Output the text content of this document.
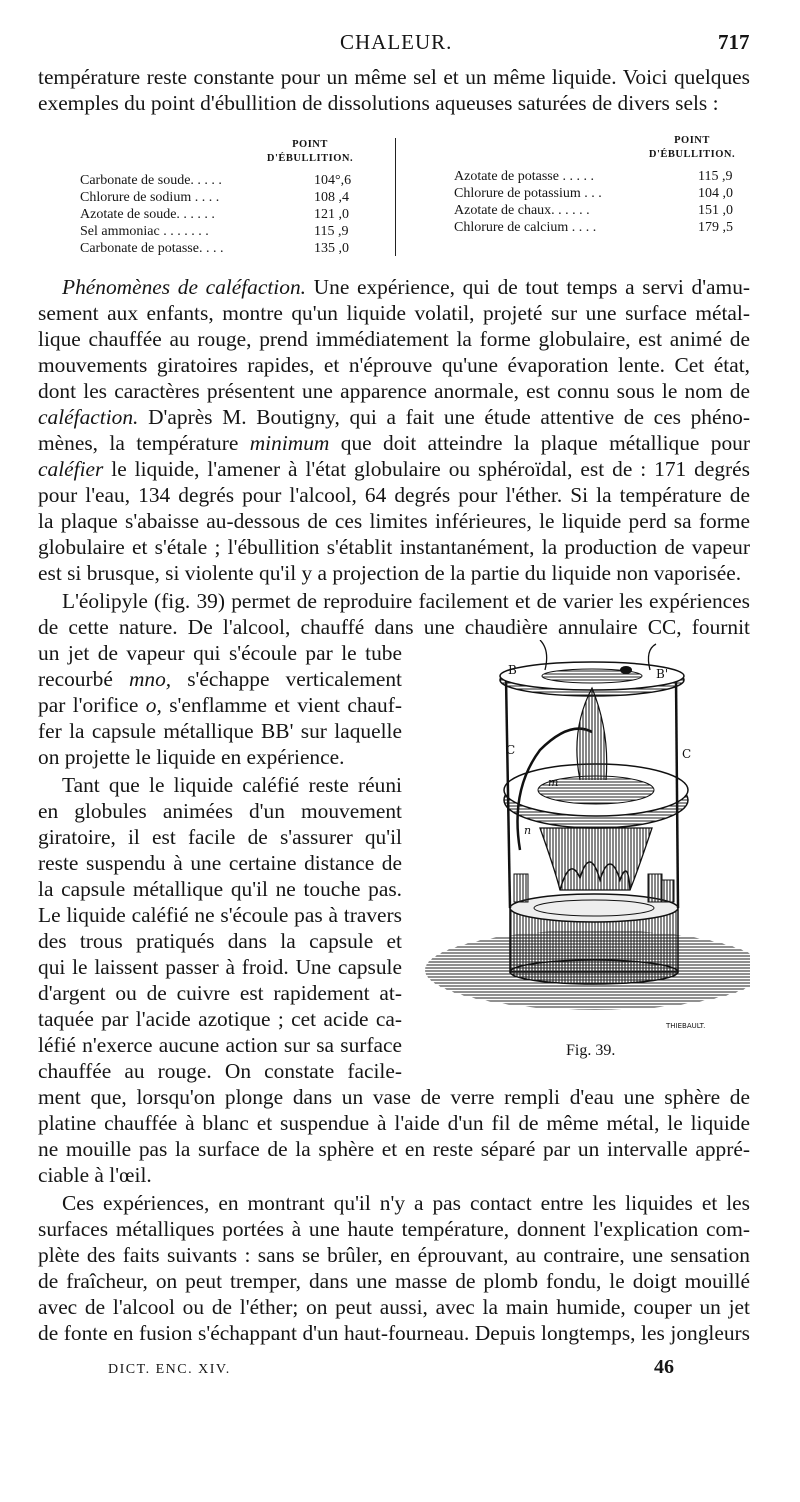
CHALEUR.	717
température reste constante pour un même sel et un même liquide. Voici quelques
exemples du point d'ébullition de dissolutions aqueuses saturées de divers sels :
POINT
D'ÉBULLITION.
POINT
D'ÉBULLITION.
Carbonate de soude. . . . .	104°,6
Chlorure de sodium . . . .	108 ,4
Azotate de soude. . . . . .	121 ,0
Sel ammoniac . . . . . . .	115 ,9
Carbonate de potasse. . . .	135 ,0
Azotate de potasse . . . . .	115 ,9
Chlorure de potassium . . .	104 ,0
Azotate de chaux. . . . . .	151 ,0
Chlorure de calcium . . . .	179 ,5
Phénomènes de caléfaction. Une expérience, qui de tout temps a servi d'amu-
sement aux enfants, montre qu'un liquide volatil, projeté sur une surface métal-
lique chauffée au rouge, prend immédiatement la forme globulaire, est animé de
mouvements giratoires rapides, et n'éprouve qu'une évaporation lente. Cet état,
dont les caractères présentent une apparence anormale, est connu sous le nom de
caléfaction. D'après M. Boutigny, qui a fait une étude attentive de ces phéno-
mènes, la température minimum que doit atteindre la plaque métallique pour
caléfier le liquide, l'amener à l'état globulaire ou sphéroïdal, est de : 171 degrés
pour l'eau, 134 degrés pour l'alcool, 64 degrés pour l'éther. Si la température de
la plaque s'abaisse au-dessous de ces limites inférieures, le liquide perd sa forme
globulaire et s'étale ; l'ébullition s'établit instantanément, la production de vapeur
est si brusque, si violente qu'il y a projection de la partie du liquide non vaporisée.
L'éolipyle (fig. 39) permet de reproduire facilement et de varier les expériences
de cette nature. De l'alcool, chauffé dans une chaudière annulaire CC, fournit
un jet de vapeur qui s'écoule par le tube
recourbé mno, s'échappe verticalement
par l'orifice o, s'enflamme et vient chauf-
fer la capsule métallique BB' sur laquelle
on projette le liquide en expérience.
Tant que le liquide caléfié reste réuni
en globules animées d'un mouvement
giratoire, il est facile de s'assurer qu'il
reste suspendu à une certaine distance de
la capsule métallique qu'il ne touche pas.
Le liquide caléfié ne s'écoule pas à travers
des trous pratiqués dans la capsule et
qui le laissent passer à froid. Une capsule
d'argent ou de cuivre est rapidement at-
taquée par l'acide azotique ; cet acide ca-
léfié n'exerce aucune action sur sa surface
chauffée au rouge. On constate facile-
ment que, lorsqu'on plonge dans un vase de verre rempli d'eau une sphère de
platine chauffée à blanc et suspendue à l'aide d'un fil de même métal, le liquide
ne mouille pas la surface de la sphère et en reste séparé par un intervalle appré-
ciable à l'œil.
Ces expériences, en montrant qu'il n'y a pas contact entre les liquides et les
surfaces métalliques portées à une haute température, donnent l'explication com-
plète des faits suivants : sans se brûler, en éprouvant, au contraire, une sensation
de fraîcheur, on peut tremper, dans une masse de plomb fondu, le doigt mouillé
avec de l'alcool ou de l'éther; on peut aussi, avec la main humide, couper un jet
de fonte en fusion s'échappant d'un haut-fourneau. Depuis longtemps, les jongleurs
B	B'
C	C
m
n
THIEBAULT.
Fig. 39.
DICT. ENC. XIV.	46
